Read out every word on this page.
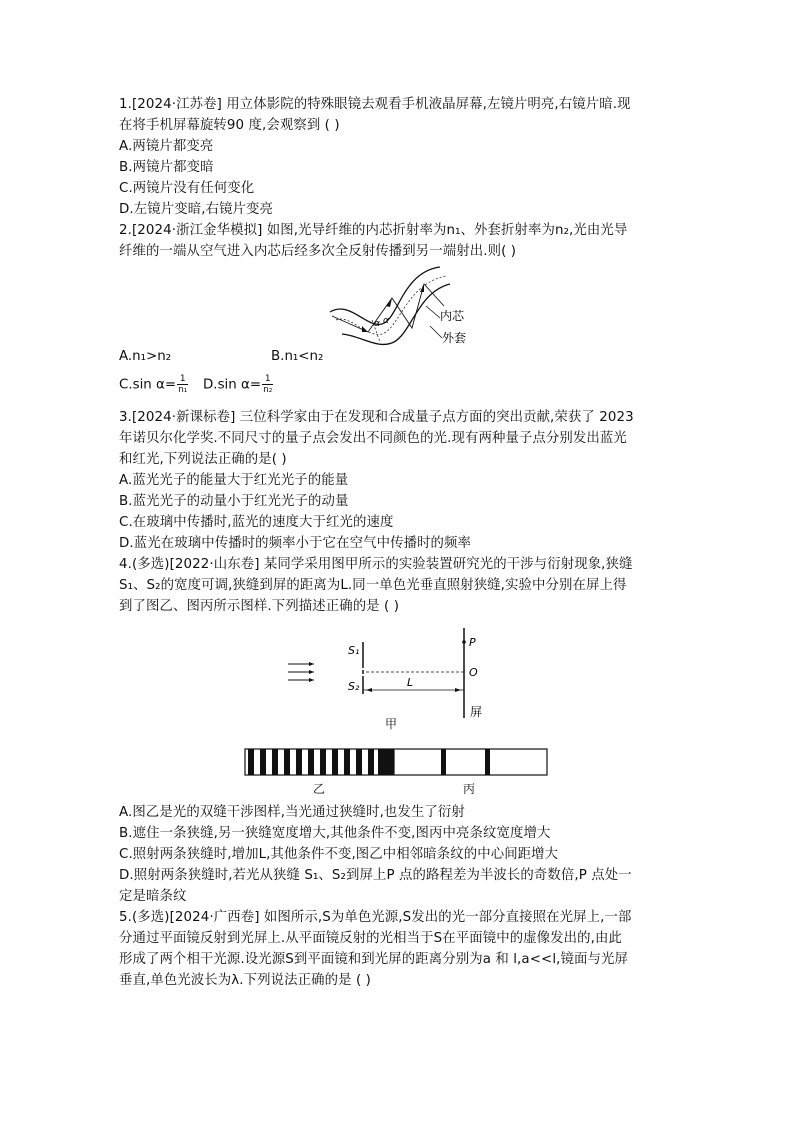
1.[2024·江苏卷] 用立体影院的特殊眼镜去观看手机液晶屏幕,左镜片明亮,右镜片暗.现
在将手机屏幕旋转90 度,会观察到 ( )
A.两镜片都变亮
B.两镜片都变暗
C.两镜片没有任何变化
D.左镜片变暗,右镜片变亮
2.[2024·浙江金华模拟] 如图,光导纤维的内芯折射率为n₁、外套折射率为n₂,光由光导
纤维的一端从空气进入内芯后经多次全反射传播到另一端射出.则( )
α α	内芯
外套
A.n₁>n₂	B.n₁<n₂
C.sin $\alpha= \frac{1}{\text{n₁}} D.\sin$ $\alpha= \frac{1}{\text{n₂}}$
3.[2024·新课标卷] 三位科学家由于在发现和合成量子点方面的突出贡献,荣获了 2023
年诺贝尔化学奖.不同尺寸的量子点会发出不同颜色的光.现有两种量子点分别发出蓝光
和红光,下列说法正确的是( )
A.蓝光光子的能量大于红光光子的能量
B.蓝光光子的动量小于红光光子的动量
C.在玻璃中传播时,蓝光的速度大于红光的速度
D.蓝光在玻璃中传播时的频率小于它在空气中传播时的频率
4.(多选)[2022·山东卷] 某同学采用图甲所示的实验装置研究光的干涉与衍射现象,狭缝
S₁、S₂的宽度可调,狭缝到屏的距离为L.同一单色光垂直照射狭缝,实验中分别在屏上得
到了图乙、图丙所示图样.下列描述正确的是 ( )
S₁
S₂	L
P
O
屏
甲
乙	丙
A.图乙是光的双缝干涉图样,当光通过狭缝时,也发生了衍射
B.遮住一条狭缝,另一狭缝宽度增大,其他条件不变,图丙中亮条纹宽度增大
C.照射两条狭缝时,增加L,其他条件不变,图乙中相邻暗条纹的中心间距增大
D.照射两条狭缝时,若光从狭缝 S₁、S₂到屏上P 点的路程差为半波长的奇数倍,P 点处一
定是暗条纹
5.(多选)[2024·广西卷] 如图所示,S为单色光源,S发出的光一部分直接照在光屏上,一部
分通过平面镜反射到光屏上.从平面镜反射的光相当于S在平面镜中的虚像发出的,由此
形成了两个相干光源.设光源S到平面镜和到光屏的距离分别为a 和 l,a<<l,镜面与光屏
垂直,单色光波长为λ.下列说法正确的是 ( )
